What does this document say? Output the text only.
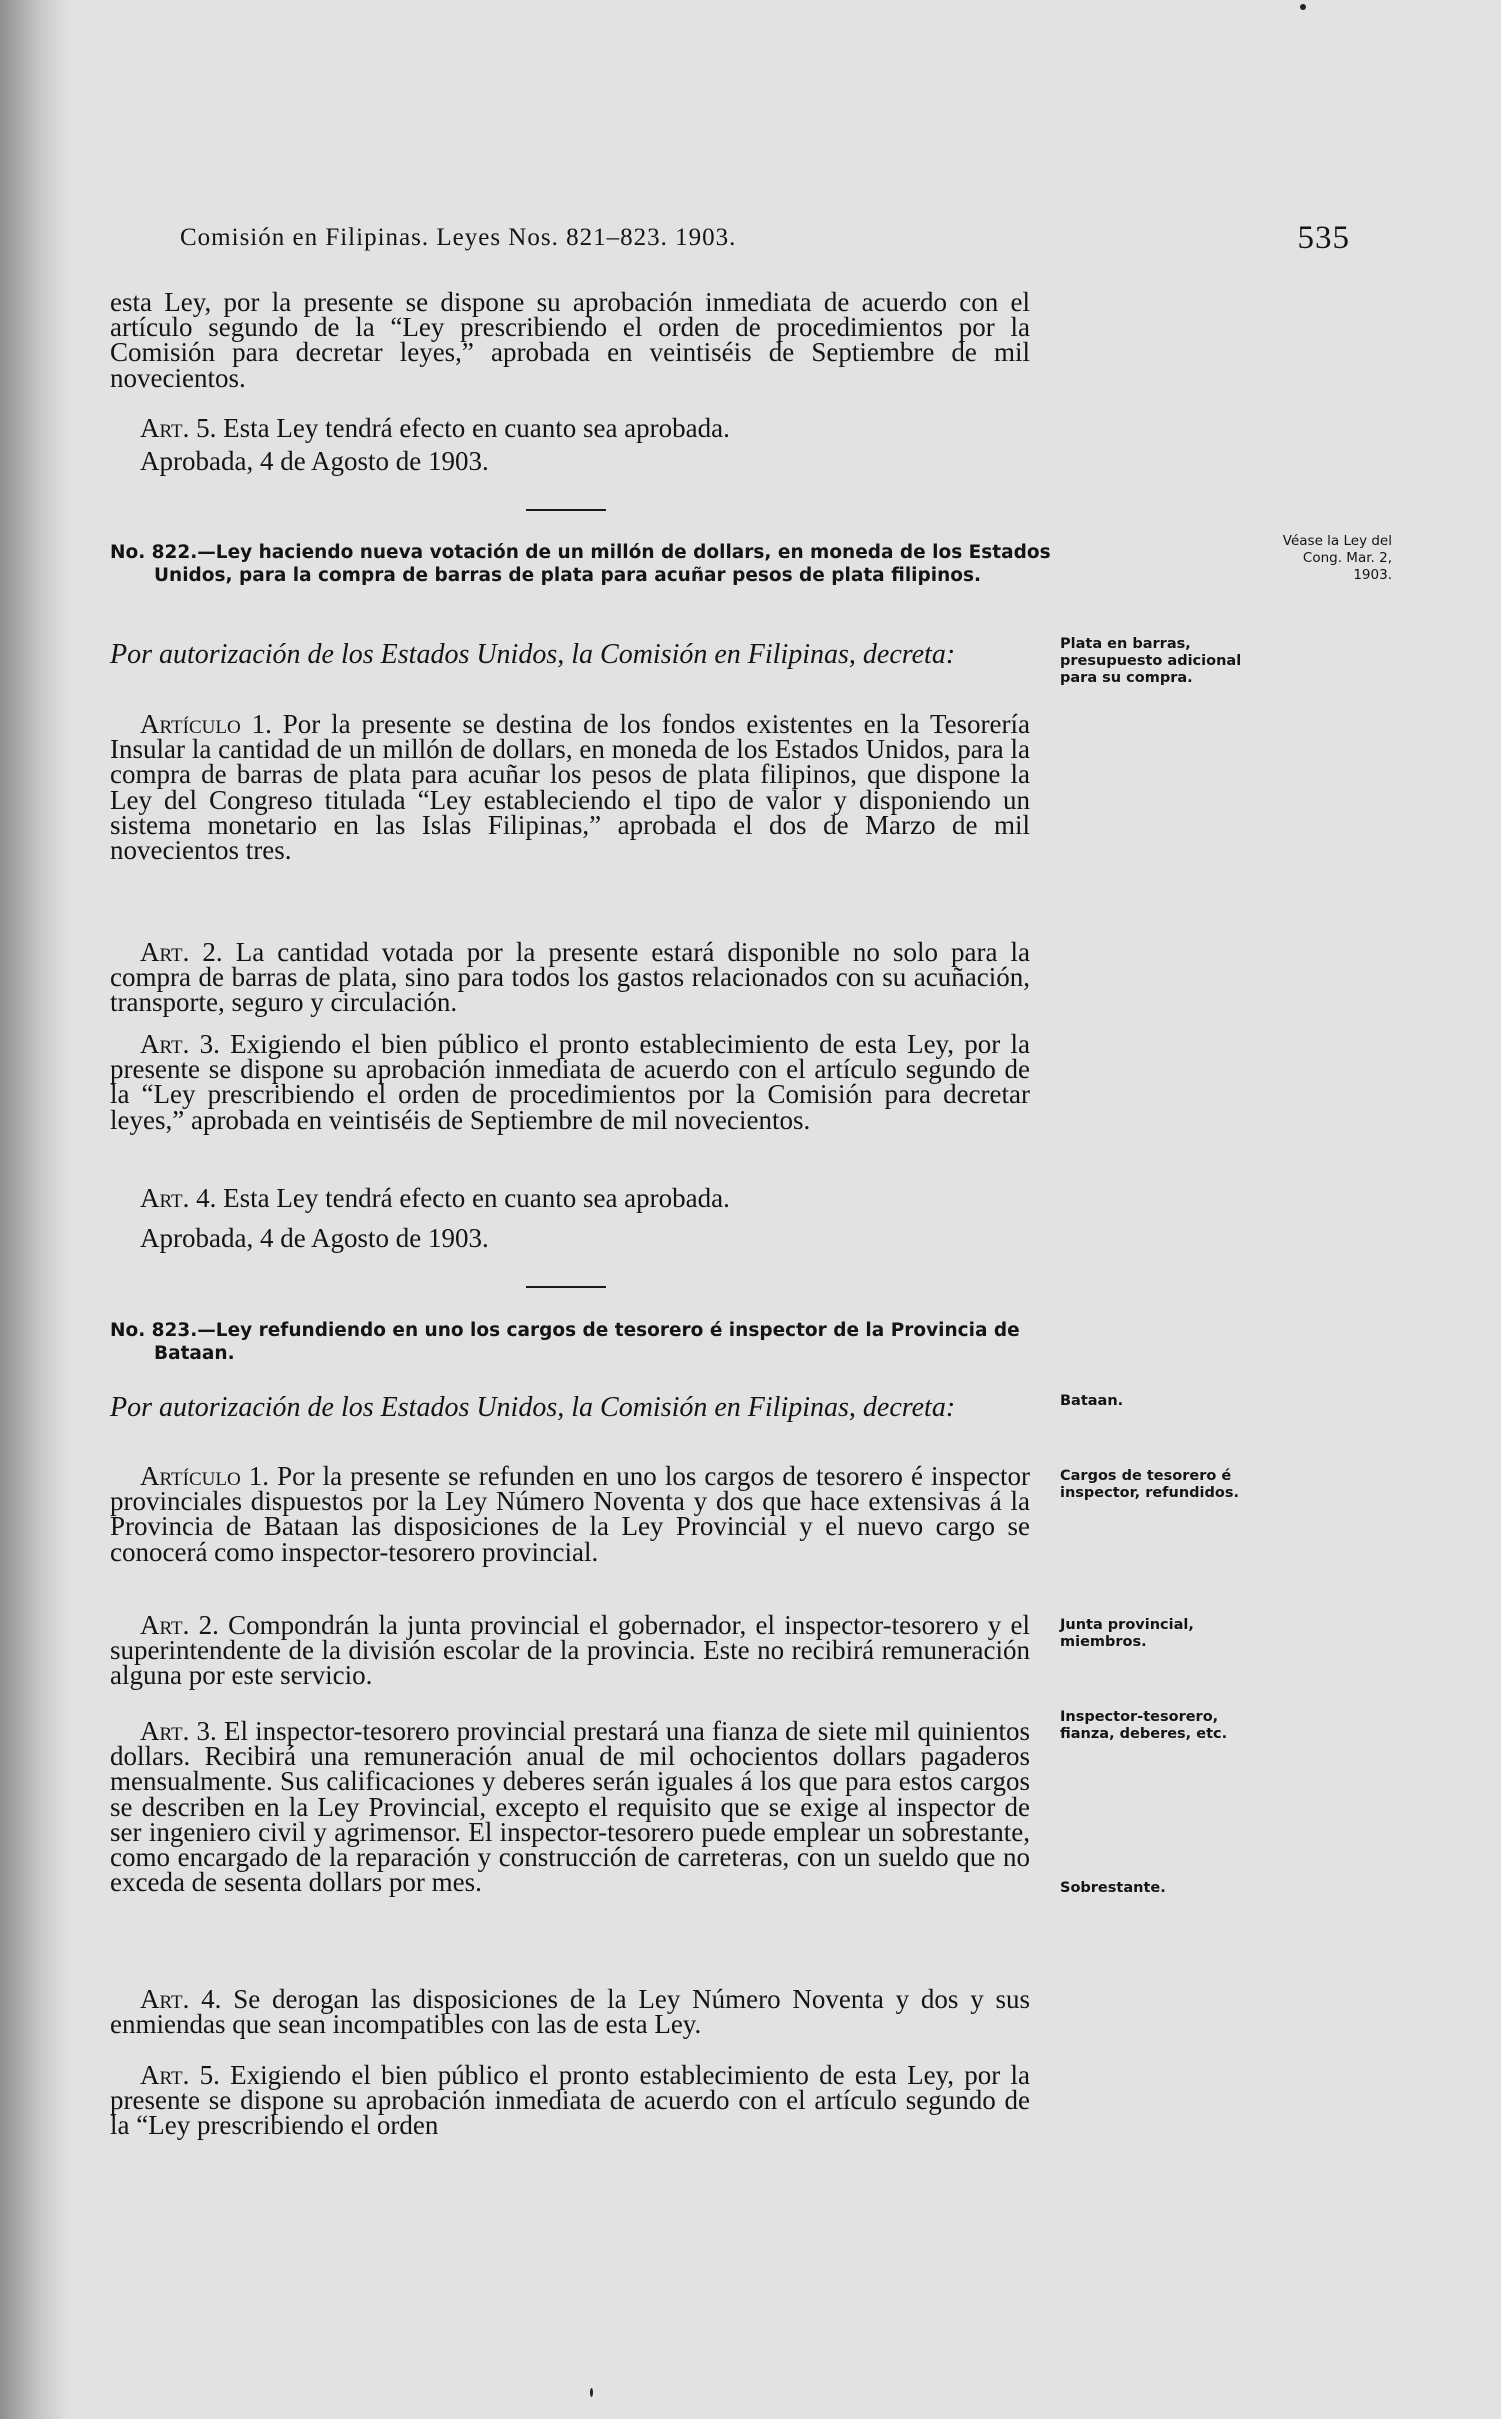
Comisión en Filipinas. Leyes Nos. 821–823. 1903.	535

esta Ley, por la presente se dispone su aprobación inmediata de acuerdo con el artículo segundo de la “Ley prescribiendo el orden de procedimientos por la Comisión para decretar leyes,” aprobada en veintiséis de Septiembre de mil novecientos.

Art. 5. Esta Ley tendrá efecto en cuanto sea aprobada.

Aprobada, 4 de Agosto de 1903.

No. 822.—Ley haciendo nueva votación de un millón de dollars, en moneda de los Estados Unidos, para la compra de barras de plata para acuñar pesos de plata filipinos.

Por autorización de los Estados Unidos, la Comisión en Filipinas, decreta:

Artículo 1. Por la presente se destina de los fondos existentes en la Tesorería Insular la cantidad de un millón de dollars, en moneda de los Estados Unidos, para la compra de barras de plata para acuñar los pesos de plata filipinos, que dispone la Ley del Congreso titulada “Ley estableciendo el tipo de valor y disponiendo un sistema monetario en las Islas Filipinas,” aprobada el dos de Marzo de mil novecientos tres.

Art. 2. La cantidad votada por la presente estará disponible no solo para la compra de barras de plata, sino para todos los gastos relacionados con su acuñación, transporte, seguro y circulación.

Art. 3. Exigiendo el bien público el pronto establecimiento de esta Ley, por la presente se dispone su aprobación inmediata de acuerdo con el artículo segundo de la “Ley prescribiendo el orden de procedimientos por la Comisión para decretar leyes,” aprobada en veintiséis de Septiembre de mil novecientos.

Art. 4. Esta Ley tendrá efecto en cuanto sea aprobada.

Aprobada, 4 de Agosto de 1903.

Véase la Ley del Cong. Mar. 2, 1903.
Plata en barras, presupuesto adicional para su compra.

No. 823.—Ley refundiendo en uno los cargos de tesorero é inspector de la Provincia de Bataan.

Por autorización de los Estados Unidos, la Comisión en Filipinas, decreta:

Artículo 1. Por la presente se refunden en uno los cargos de tesorero é inspector provinciales dispuestos por la Ley Número Noventa y dos que hace extensivas á la Provincia de Bataan las disposiciones de la Ley Provincial y el nuevo cargo se conocerá como inspector-tesorero provincial.

Art. 2. Compondrán la junta provincial el gobernador, el inspector-tesorero y el superintendente de la división escolar de la provincia. Este no recibirá remuneración alguna por este servicio.

Art. 3. El inspector-tesorero provincial prestará una fianza de siete mil quinientos dollars. Recibirá una remuneración anual de mil ochocientos dollars pagaderos mensualmente. Sus calificaciones y deberes serán iguales á los que para estos cargos se describen en la Ley Provincial, excepto el requisito que se exige al inspector de ser ingeniero civil y agrimensor. El inspector-tesorero puede emplear un sobrestante, como encargado de la reparación y construcción de carreteras, con un sueldo que no exceda de sesenta dollars por mes.

Art. 4. Se derogan las disposiciones de la Ley Número Noventa y dos y sus enmiendas que sean incompatibles con las de esta Ley.

Art. 5. Exigiendo el bien público el pronto establecimiento de esta Ley, por la presente se dispone su aprobación inmediata de acuerdo con el artículo segundo de la “Ley prescribiendo el orden

Bataan.
Cargos de tesorero é inspector, refundidos.
Junta provincial, miembros.
Inspector-tesorero, fianza, deberes, etc.
Sobrestante.
